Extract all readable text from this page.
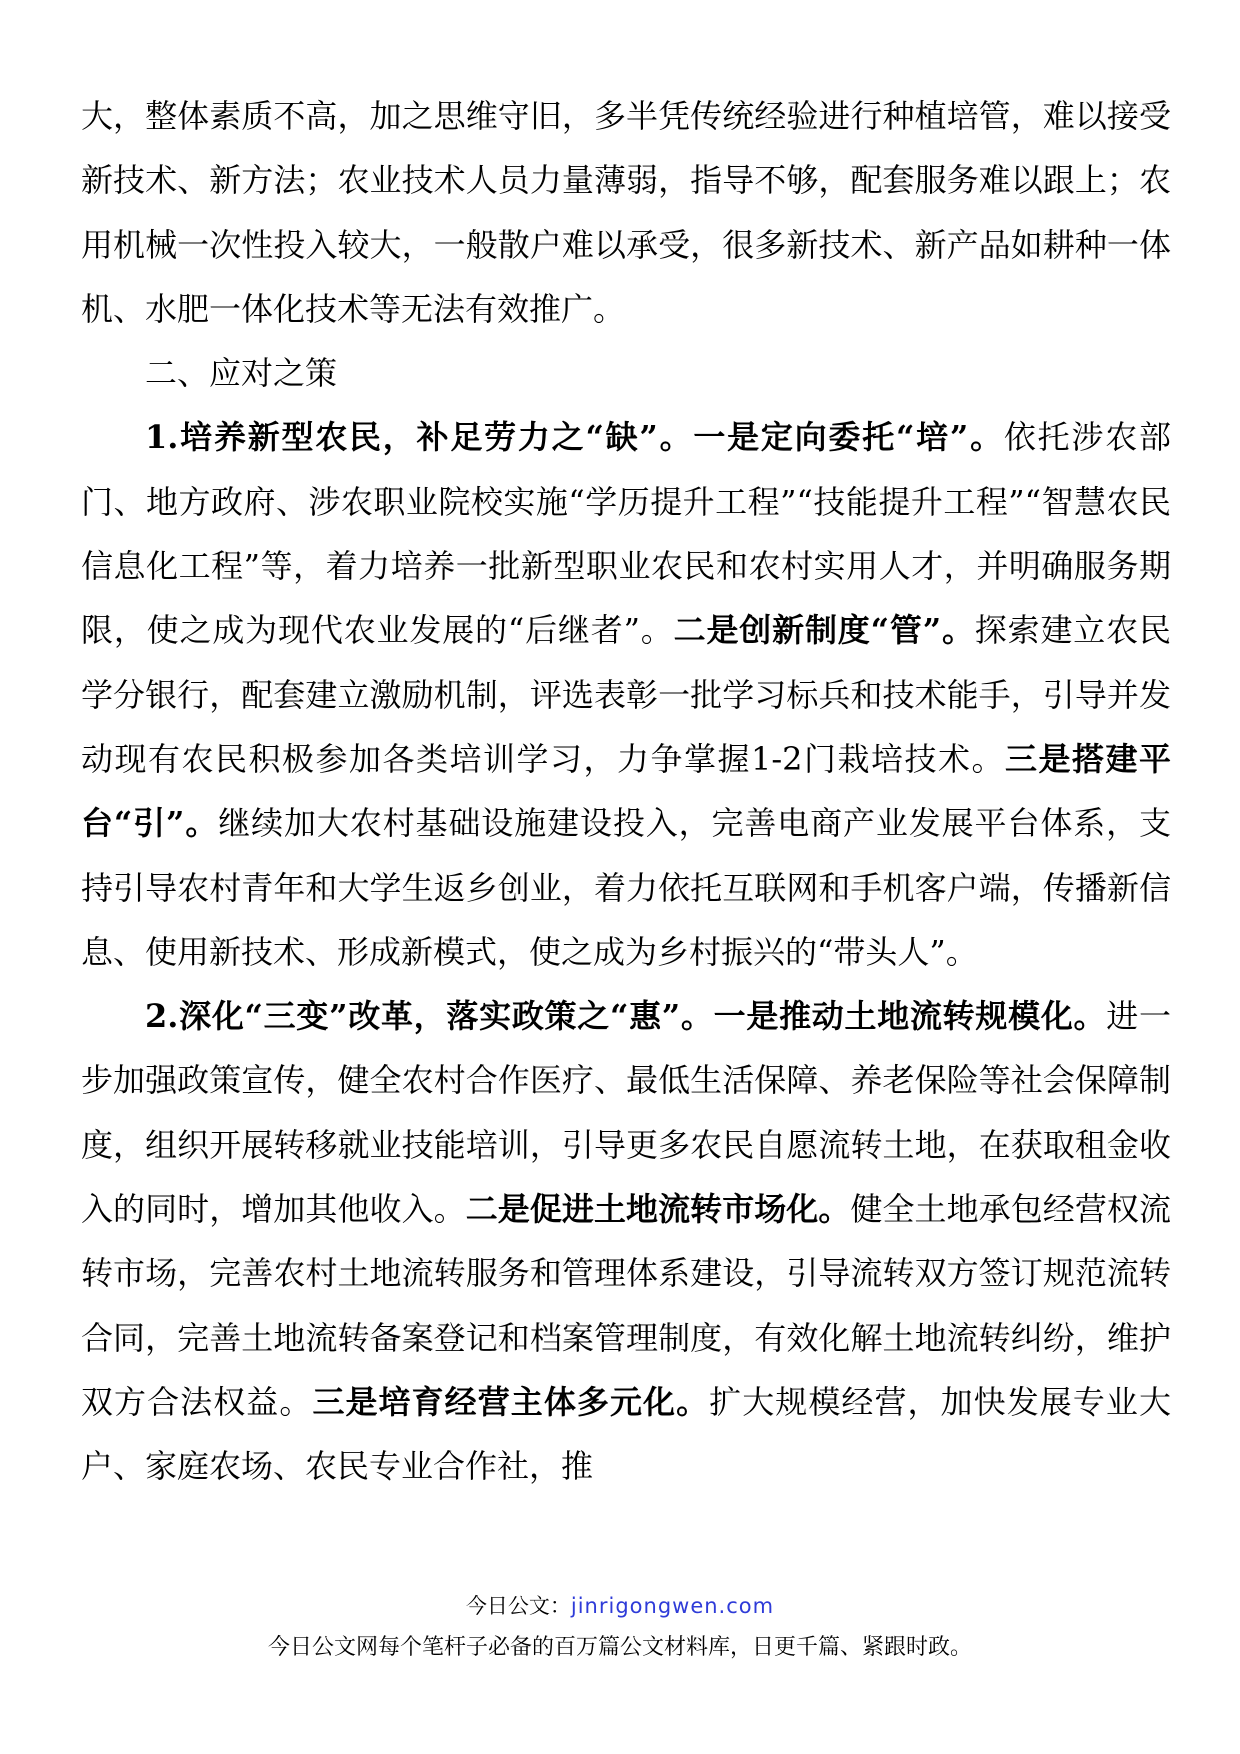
大，整体素质不高，加之思维守旧，多半凭传统经验进行种植培管，难以接受新技术、新方法；农业技术人员力量薄弱，指导不够，配套服务难以跟上；农用机械一次性投入较大，一般散户难以承受，很多新技术、新产品如耕种一体机、水肥一体化技术等无法有效推广。

二、应对之策

1.培养新型农民，补足劳力之“缺”。一是定向委托“培”。依托涉农部门、地方政府、涉农职业院校实施“学历提升工程”“技能提升工程”“智慧农民信息化工程”等，着力培养一批新型职业农民和农村实用人才，并明确服务期限，使之成为现代农业发展的“后继者”。二是创新制度“管”。探索建立农民学分银行，配套建立激励机制，评选表彰一批学习标兵和技术能手，引导并发动现有农民积极参加各类培训学习，力争掌握1-2门栽培技术。三是搭建平台“引”。继续加大农村基础设施建设投入，完善电商产业发展平台体系，支持引导农村青年和大学生返乡创业，着力依托互联网和手机客户端，传播新信息、使用新技术、形成新模式，使之成为乡村振兴的“带头人”。

2.深化“三变”改革，落实政策之“惠”。一是推动土地流转规模化。进一步加强政策宣传，健全农村合作医疗、最低生活保障、养老保险等社会保障制度，组织开展转移就业技能培训，引导更多农民自愿流转土地，在获取租金收入的同时，增加其他收入。二是促进土地流转市场化。健全土地承包经营权流转市场，完善农村土地流转服务和管理体系建设，引导流转双方签订规范流转合同，完善土地流转备案登记和档案管理制度，有效化解土地流转纠纷，维护双方合法权益。三是培育经营主体多元化。扩大规模经营，加快发展专业大户、家庭农场、农民专业合作社，推

今日公文：jinrigongwen.com
今日公文网每个笔杆子必备的百万篇公文材料库，日更千篇、紧跟时政。
